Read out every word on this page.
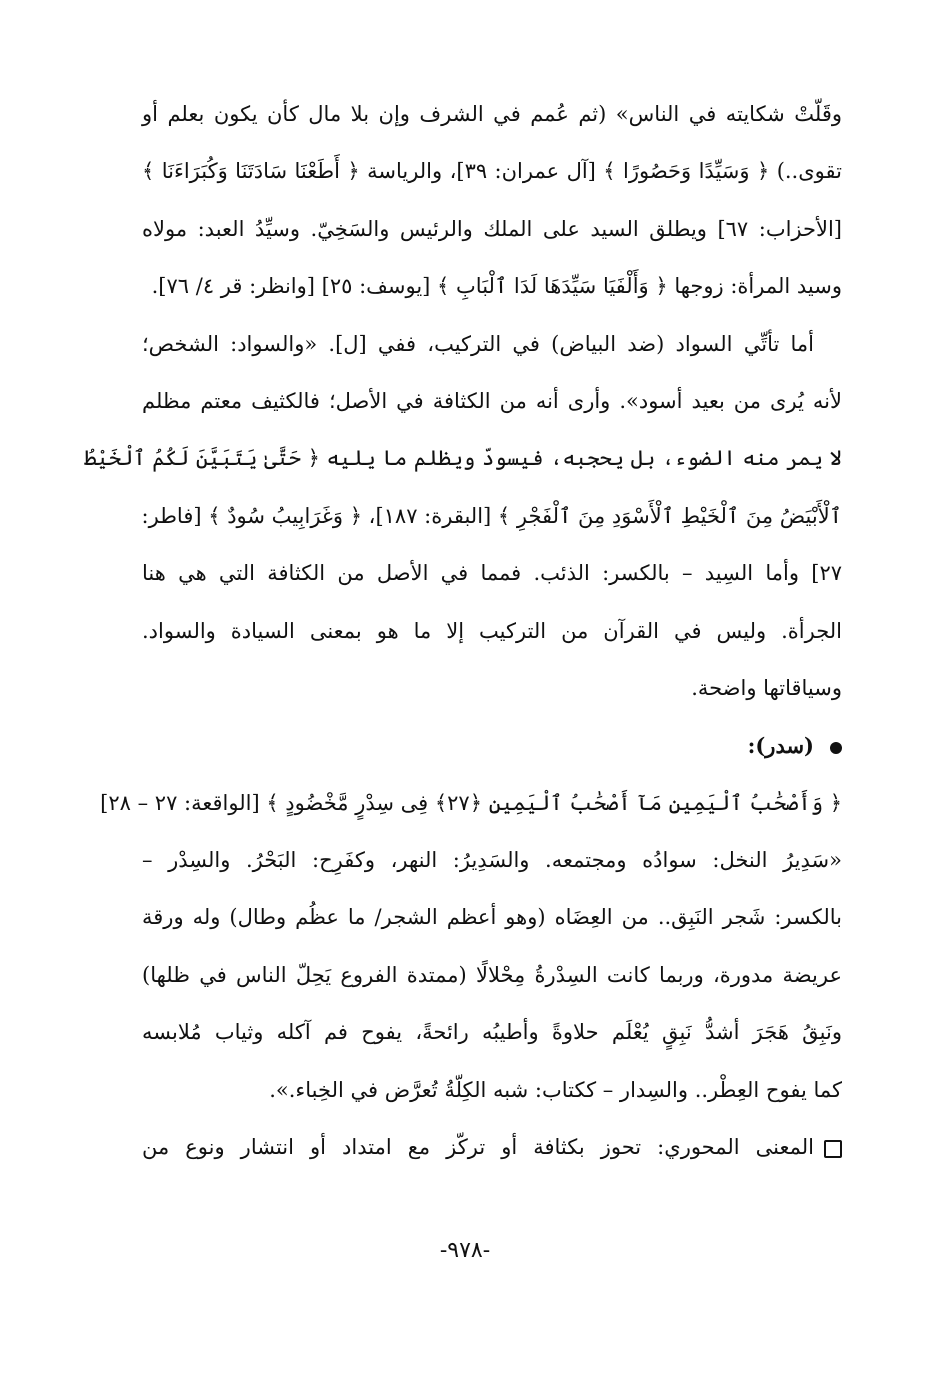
وقَلّتْ شكايته في الناس» (ثم عُمم في الشرف وإن بلا مال كأن يكون بعلم أو
تقوى..) ﴿ وَسَيِّدًا وَحَصُورًا ﴾ [آل عمران: ٣٩]، والرياسة ﴿ أَطَعْنَا سَادَتَنَا وَكُبَرَاءَنَا ﴾
[الأحزاب: ٦٧] ويطلق السيد على الملك والرئيس والسَخِيّ. وسيِّدُ العبد: مولاه
وسيد المرأة: زوجها ﴿ وَأَلْفَيَا سَيِّدَهَا لَدَا ٱلْبَابِ ﴾ [يوسف: ٢٥] [وانظر: قر ٤/ ٧٦].
أما تأتِّي السواد (ضد البياض) في التركيب، ففي [ل]. «والسواد: الشخص؛
لأنه يُرى من بعيد أسود». وأرى أنه من الكثافة في الأصل؛ فالكثيف معتم مظلم
لا يمر منه الضوء، بل يحجبه، فيسودّ ويظلم ما يليه ﴿ حَتَّىٰ يَتَبَيَّنَ لَكُمُ ٱلْخَيْطُ
ٱلْأَبْيَضُ مِنَ ٱلْخَيْطِ ٱلْأَسْوَدِ مِنَ ٱلْفَجْرِ ﴾ [البقرة: ١٨٧]، ﴿ وَغَرَابِيبُ سُودٌ ﴾ [فاطر:
٢٧] وأما السِيد – بالكسر: الذئب. فمما في الأصل من الكثافة التي هي هنا
الجرأة. وليس في القرآن من التركيب إلا ما هو بمعنى السيادة والسواد.
وسياقاتها واضحة.
(سدر):
﴿ وَأَصْحَٰبُ ٱلْيَمِينِ مَآ أَصْحَٰبُ ٱلْيَمِينِ ﴿٢٧﴾ فِى سِدْرٍ مَّخْضُودٍ ﴾ [الواقعة: ٢٧ – ٢٨]
«سَدِيرُ النخل: سوادُه ومجتمعه. والسَدِيرُ: النهر، وكفَرِح: البَحْرُ. والسِدْر –
بالكسر: شَجر النَبِق.. من العِضَاه (وهو أعظم الشجر/ ما عظُم وطال) وله ورقة
عريضة مدورة، وربما كانت السِدْرةُ مِحْلالًا (ممتدة الفروع يَحِلّ الناس في ظلها)
ونَبِقُ هَجَرَ أشدُّ نَبِقٍ يُعْلَم حلاوةً وأطيبُه رائحةً، يفوح فم آكله وثياب مُلابسه
كما يفوح العِطْر.. والسِدار – ككتاب: شبه الكِلّةُ تُعرَّض في الخِباء.».
المعنى المحوري: تحوز بكثافة أو تركّز مع امتداد أو انتشار ونوع من
-٩٧٨-
